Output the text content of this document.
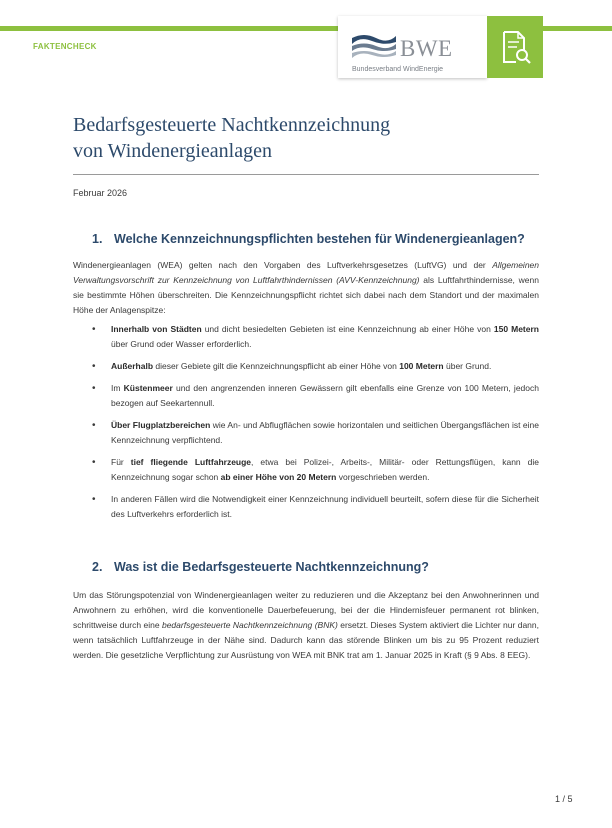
FAKTENCHECK	BWE
Bundesverband WindEnergie
Bedarfsgesteuerte Nachtkennzeichnung
von Windenergieanlagen
Februar 2026
1. Welche Kennzeichnungspflichten bestehen für Windenergieanlagen?
Windenergieanlagen (WEA) gelten nach den Vorgaben des Luftverkehrsgesetzes (LuftVG) und der Allgemeinen Verwaltungsvorschrift zur Kennzeichnung von Luftfahrthindernissen (AVV-Kennzeichnung) als Luftfahrthindernisse, wenn sie bestimmte Höhen überschreiten. Die Kennzeichnungspflicht richtet sich dabei nach dem Standort und der maximalen Höhe der Anlagenspitze:
• Innerhalb von Städten und dicht besiedelten Gebieten ist eine Kennzeichnung ab einer Höhe von 150 Metern über Grund oder Wasser erforderlich.
• Außerhalb dieser Gebiete gilt die Kennzeichnungspflicht ab einer Höhe von 100 Metern über Grund.
• Im Küstenmeer und den angrenzenden inneren Gewässern gilt ebenfalls eine Grenze von 100 Metern, jedoch bezogen auf Seekartennull.
• Über Flugplatzbereichen wie An- und Abflugflächen sowie horizontalen und seitlichen Übergangsflächen ist eine Kennzeichnung verpflichtend.
• Für tief fliegende Luftfahrzeuge, etwa bei Polizei-, Arbeits-, Militär- oder Rettungsflügen, kann die Kennzeichnung sogar schon ab einer Höhe von 20 Metern vorgeschrieben werden.
• In anderen Fällen wird die Notwendigkeit einer Kennzeichnung individuell beurteilt, sofern diese für die Sicherheit des Luftverkehrs erforderlich ist.
2. Was ist die Bedarfsgesteuerte Nachtkennzeichnung?
Um das Störungspotenzial von Windenergieanlagen weiter zu reduzieren und die Akzeptanz bei den Anwohnerinnen und Anwohnern zu erhöhen, wird die konventionelle Dauerbefeuerung, bei der die Hindernisfeuer permanent rot blinken, schrittweise durch eine bedarfsgesteuerte Nachtkennzeichnung (BNK) ersetzt. Dieses System aktiviert die Lichter nur dann, wenn tatsächlich Luftfahrzeuge in der Nähe sind. Dadurch kann das störende Blinken um bis zu 95 Prozent reduziert werden. Die gesetzliche Verpflichtung zur Ausrüstung von WEA mit BNK trat am 1. Januar 2025 in Kraft (§ 9 Abs. 8 EEG).
1 / 5
